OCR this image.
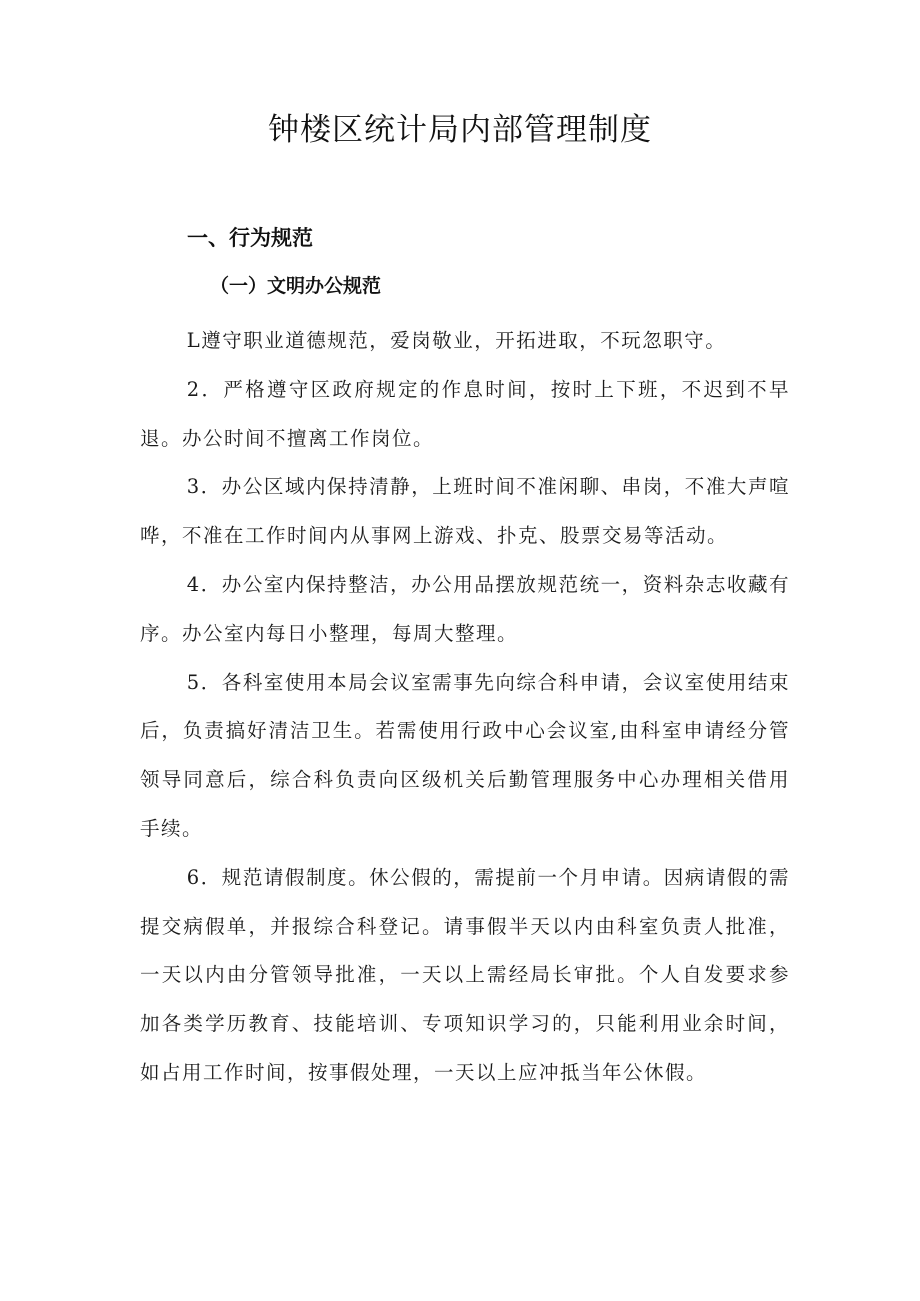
钟楼区统计局内部管理制度
一、行为规范
（一）文明办公规范

L遵守职业道德规范，爱岗敬业，开拓进取，不玩忽职守。

2．严格遵守区政府规定的作息时间，按时上下班，不迟到不早退。办公时间不擅离工作岗位。

3．办公区域内保持清静，上班时间不准闲聊、串岗，不准大声喧哗，不准在工作时间内从事网上游戏、扑克、股票交易等活动。

4．办公室内保持整洁，办公用品摆放规范统一，资料杂志收藏有序。办公室内每日小整理，每周大整理。

5．各科室使用本局会议室需事先向综合科申请，会议室使用结束后，负责搞好清洁卫生。若需使用行政中心会议室,由科室申请经分管领导同意后，综合科负责向区级机关后勤管理服务中心办理相关借用手续。

6．规范请假制度。休公假的，需提前一个月申请。因病请假的需提交病假单，并报综合科登记。请事假半天以内由科室负责人批准，一天以内由分管领导批准，一天以上需经局长审批。个人自发要求参加各类学历教育、技能培训、专项知识学习的，只能利用业余时间，如占用工作时间，按事假处理，一天以上应冲抵当年公休假。
